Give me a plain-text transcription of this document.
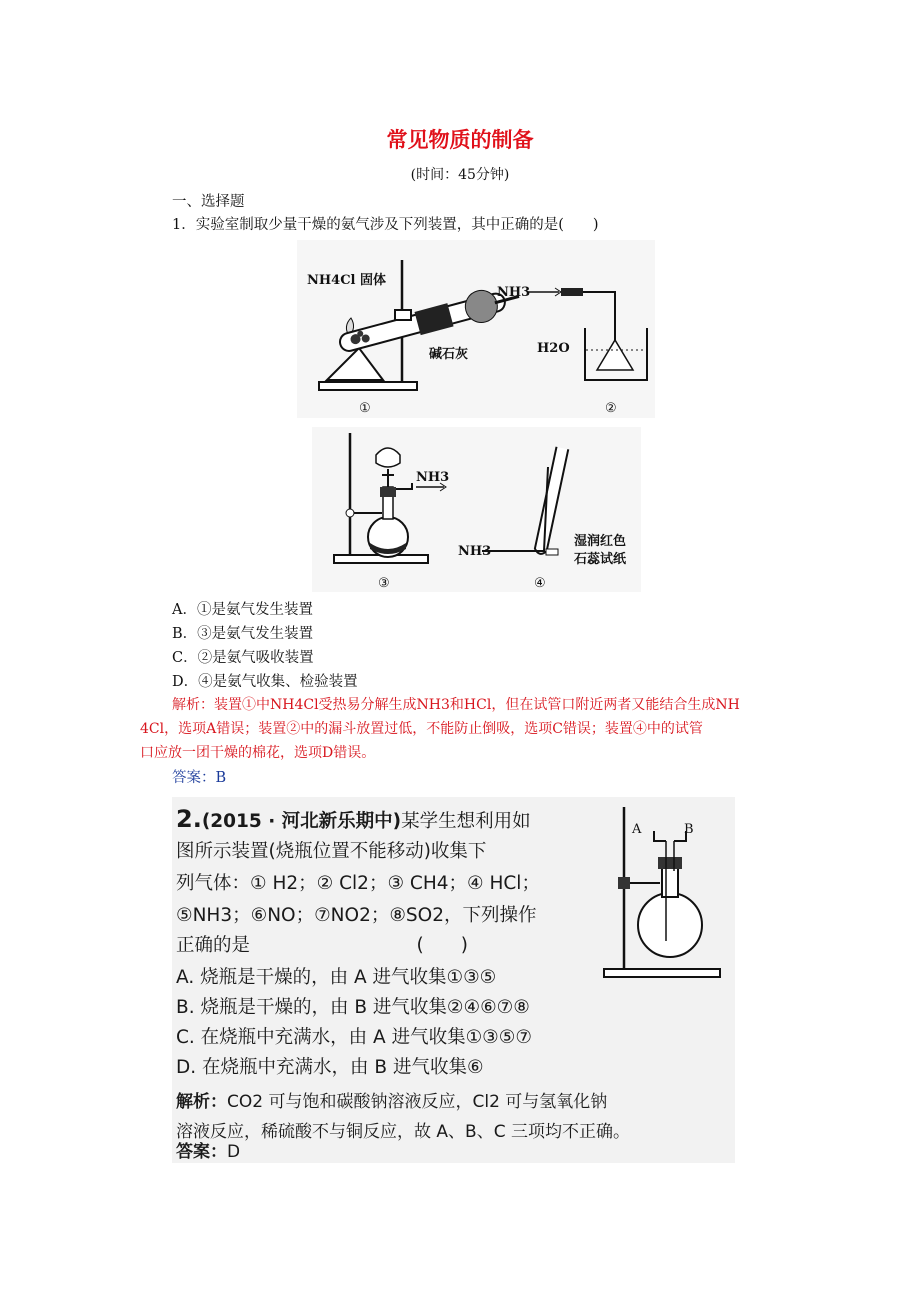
常见物质的制备
(时间：45分钟)
一、选择题
1．实验室制取少量干燥的氨气涉及下列装置，其中正确的是(　　)
NH4Cl 固体
碱石灰
①
NH3
H2O
②
NH3
③
NH3
湿润红色
石蕊试纸
④
A．①是氨气发生装置
B．③是氨气发生装置
C．②是氨气吸收装置
D．④是氨气收集、检验装置
解析：装置①中NH4Cl受热易分解生成NH3和HCl，但在试管口附近两者又能结合生成NH
4Cl，选项A错误；装置②中的漏斗放置过低，不能防止倒吸，选项C错误；装置④中的试管
口应放一团干燥的棉花，选项D错误。
答案：B
2.(2015 · 河北新乐期中)某学生想利用如
图所示装置(烧瓶位置不能移动)收集下
列气体：① H2；② Cl2；③ CH4；④ HCl；
⑤NH3；⑥NO；⑦NO2；⑧SO2，下列操作
正确的是　　　　　　　　　(　　)
A. 烧瓶是干燥的，由 A 进气收集①③⑤
B. 烧瓶是干燥的，由 B 进气收集②④⑥⑦⑧
C. 在烧瓶中充满水，由 A 进气收集①③⑤⑦
D. 在烧瓶中充满水，由 B 进气收集⑥
解析：CO2 可与饱和碳酸钠溶液反应，Cl2 可与氢氧化钠
溶液反应，稀硫酸不与铜反应，故 A、B、C 三项均不正确。
答案：D
A	B
